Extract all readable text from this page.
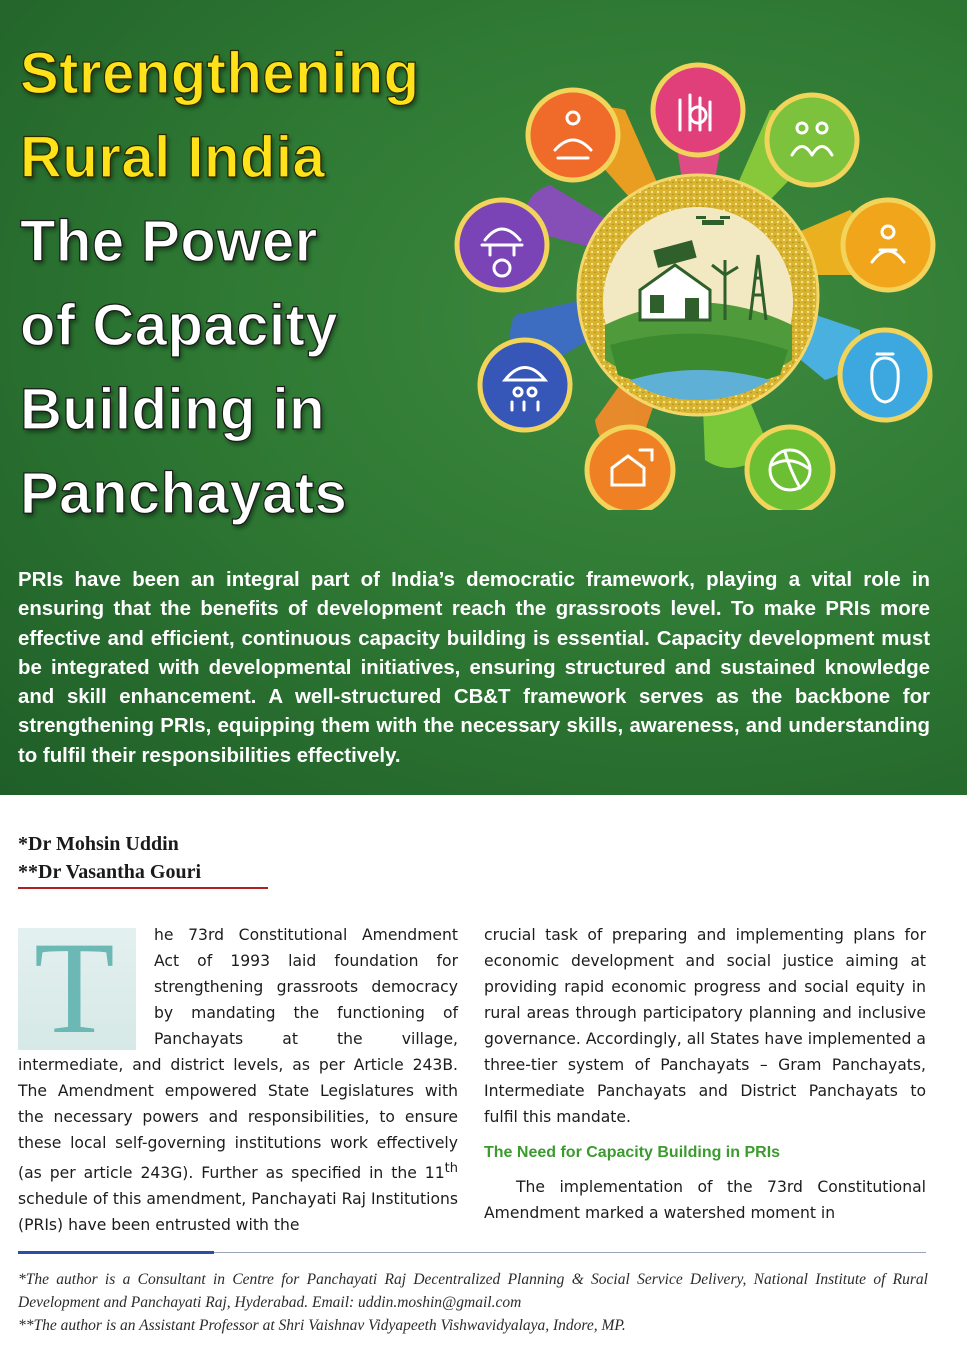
Strengthening
Rural India
The Power
of Capacity
Building in
Panchayats

PRIs have been an integral part of India’s democratic framework, playing a vital role in ensuring that the benefits of development reach the grassroots level. To make PRIs more effective and efficient, continuous capacity building is essential. Capacity development must be integrated with developmental initiatives, ensuring structured and sustained knowledge and skill enhancement. A well-structured CB&T framework serves as the backbone for strengthening PRIs, equipping them with the necessary skills, awareness, and understanding to fulfil their responsibilities effectively.

*Dr Mohsin Uddin
**Dr Vasantha Gouri
T	he 73rd Constitutional Amendment Act of 1993 laid foundation for strengthening grassroots democracy by mandating the functioning of Panchayats at the village, intermediate, and district levels, as per Article 243B. The Amendment empowered State Legislatures with the necessary powers and responsibilities, to ensure these local self-governing institutions work effectively (as per article 243G). Further as specified in the 11th schedule of this amendment, Panchayati Raj Institutions (PRIs) have been entrusted with the

crucial task of preparing and implementing plans for economic development and social justice aiming at providing rapid economic progress and social equity in rural areas through participatory planning and inclusive governance. Accordingly, all States have implemented a three-tier system of Panchayats – Gram Panchayats, Intermediate Panchayats and District Panchayats to fulfil this mandate.

The Need for Capacity Building in PRIs

The implementation of the 73rd Constitutional Amendment marked a watershed moment in

*The author is a Consultant in Centre for Panchayati Raj Decentralized Planning & Social Service Delivery, National Institute of Rural Development and Panchayati Raj, Hyderabad. Email: uddin.moshin@gmail.com

**The author is an Assistant Professor at Shri Vaishnav Vidyapeeth Vishwavidyalaya, Indore, MP.
